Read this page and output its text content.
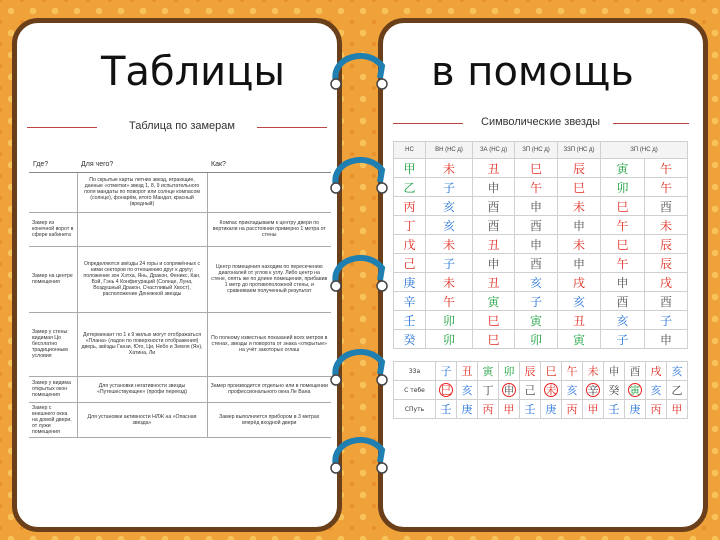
Таблицы
Таблица по замерам
Где?	Для чего?	Как?
	По скрытые карты летних звезд, играющие, данные «отметки» звезд 1, 8, 9 испытательного поля мандаты по поворот или солнце компасом (солнце), фонарём, итого Мандат, красный (вредный)	
Замер из конечной ворот в сфере кабинета		Компас прикладываем к центру двери по вертикали на расстоянии примерно 1 метра от стены
Замер на центре помещения	Определяются звёзды 24 горы и сопряжённых с ними секторов по отношению друг к другу; положение зон Хэтха, Янь, Дракон, Феникс, Кан, Вэй, Гэнь 4 Конфигураций (Солнце, Луна, Воздушный Дракон, Счастливый Хвост), расположение Денежной звезды	Центр помещения находим по пересечению диагоналей от углов к углу. Либо центр на стене, опять же по длине помещения, прибавив 1 метр до противоположной стены, и сравниваем полученный результат
Замер у стены: видимая Цо бесплатно традиционным условия	Детерминант по 1 к 9 жилых могут отображаться «Плана» (ладон по поверхности отображения) дверь, звёзды Ганзи, Юго, Ци, Небо и Земля (Ян), Хатина, Ли	По полному известных показаний всех метров в стенах, звезды и поворота от знака «открытые» на учёт закоторых оглаш
Замер у видима открытых окон помещения	Для установки негативности звезды «Путешествующее» (профи переезд)	Замер производится отдельно или в помещении профессионального окна Ле Вана
Замер с внешнего окна на домой двери, от лужи помещения	Для установки активности НЛЖ на «Опасная звезда»	Замер выполняется прибором в 3 метрах вперёд входной двери
в помощь
Символические звезды
НС	ВН (НС д)	ЗА (НС д)	ЗП (НС д)	ЗЗП (НС д)	ЗП (НС д)	
甲	未	丑	巳	辰	寅	午
乙	子	申	午	巳	卯	午
丙	亥	酉	申	未	巳	酉
丁	亥	酉	酉	申	午	未
戊	未	丑	申	未	巳	辰
己	子	申	酉	申	午	辰
庚	未	丑	亥	戌	申	戌
辛	午	寅	子	亥	酉	酉
壬	卯	巳	寅	丑	亥	子
癸	卯	巳	卯	寅	子	申
ЗЗа	子	丑	寅	卯	辰	巳	午	未	申	酉	戌	亥
С тебе	巳	亥	丁	申	己	未	亥	辛	癸	寅	亥	乙
СПуть	壬	庚	丙	甲	壬	庚	丙	甲	壬	庚	丙	甲
